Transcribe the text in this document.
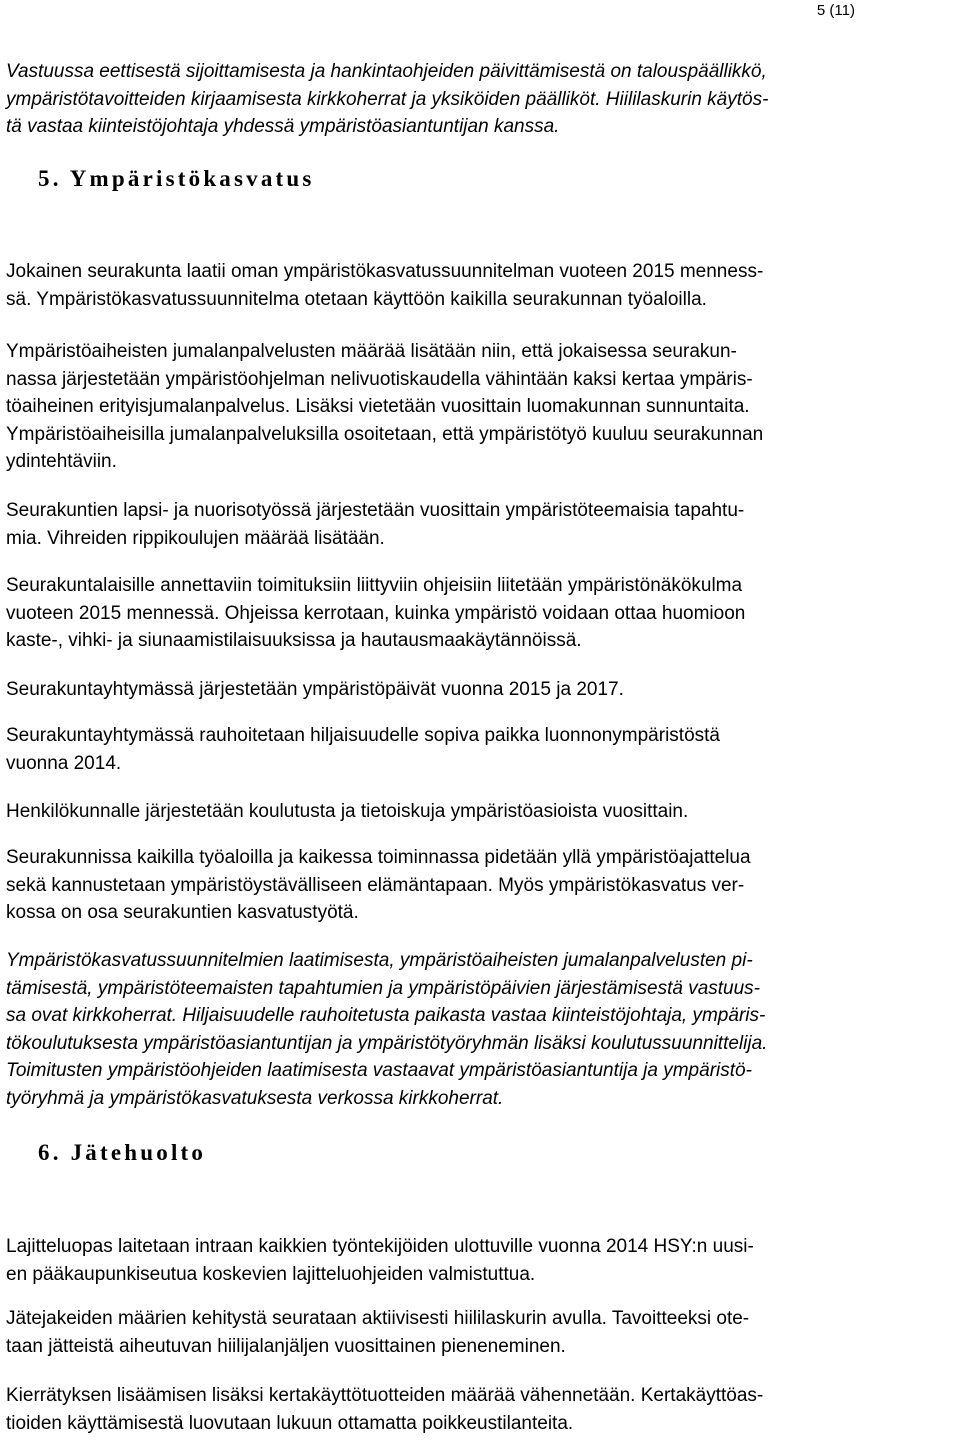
5 (11)
Vastuussa eettisestä sijoittamisesta ja hankintaohjeiden päivittämisestä on talouspäällikkö,
ympäristötavoitteiden kirjaamisesta kirkkoherrat ja yksiköiden päälliköt. Hiililaskurin käytös-
tä vastaa kiinteistöjohtaja yhdessä ympäristöasiantuntijan kanssa.
5. Ympäristökasvatus
Jokainen seurakunta laatii oman ympäristökasvatussuunnitelman vuoteen 2015 menness-
sä. Ympäristökasvatussuunnitelma otetaan käyttöön kaikilla seurakunnan työaloilla.
Ympäristöaiheisten jumalanpalvelusten määrää lisätään niin, että jokaisessa seurakun-
nassa järjestetään ympäristöohjelman nelivuotiskaudella vähintään kaksi kertaa ympäris-
töaiheinen erityisjumalanpalvelus. Lisäksi vietetään vuosittain luomakunnan sunnuntaita.
Ympäristöaiheisilla jumalanpalveluksilla osoitetaan, että ympäristötyö kuuluu seurakunnan
ydintehtäviin.
Seurakuntien lapsi- ja nuorisotyössä järjestetään vuosittain ympäristöteemaisia tapahtu-
mia. Vihreiden rippikoulujen määrää lisätään.
Seurakuntalaisille annettaviin toimituksiin liittyviin ohjeisiin liitetään ympäristönäkökulma
vuoteen 2015 mennessä. Ohjeissa kerrotaan, kuinka ympäristö voidaan ottaa huomioon
kaste-, vihki- ja siunaamistilaisuuksissa ja hautausmaakäytännöissä.
Seurakuntayhtymässä järjestetään ympäristöpäivät vuonna 2015 ja 2017.
Seurakuntayhtymässä rauhoitetaan hiljaisuudelle sopiva paikka luonnonympäristöstä
vuonna 2014.
Henkilökunnalle järjestetään koulutusta ja tietoiskuja ympäristöasioista vuosittain.
Seurakunnissa kaikilla työaloilla ja kaikessa toiminnassa pidetään yllä ympäristöajattelua
sekä kannustetaan ympäristöystävälliseen elämäntapaan. Myös ympäristökasvatus ver-
kossa on osa seurakuntien kasvatustyötä.
Ympäristökasvatussuunnitelmien laatimisesta, ympäristöaiheisten jumalanpalvelusten pi-
tämisestä, ympäristöteemaisten tapahtumien ja ympäristöpäivien järjestämisestä vastuus-
sa ovat kirkkoherrat. Hiljaisuudelle rauhoitetusta paikasta vastaa kiinteistöjohtaja, ympäris-
tökoulutuksesta ympäristöasiantuntijan ja ympäristötyöryhmän lisäksi koulutussuunnittelija.
Toimitusten ympäristöohjeiden laatimisesta vastaavat ympäristöasiantuntija ja ympäristö-
työryhmä ja ympäristökasvatuksesta verkossa kirkkoherrat.
6. Jätehuolto
Lajitteluopas laitetaan intraan kaikkien työntekijöiden ulottuville vuonna 2014 HSY:n uusi-
en pääkaupunkiseutua koskevien lajitteluohjeiden valmistuttua.
Jätejakeiden määrien kehitystä seurataan aktiivisesti hiililaskurin avulla. Tavoitteeksi ote-
taan jätteistä aiheutuvan hiilijalanjäljen vuosittainen pieneneminen.
Kierrätyksen lisäämisen lisäksi kertakäyttötuotteiden määrää vähennetään. Kertakäyttöas-
tioiden käyttämisestä luovutaan lukuun ottamatta poikkeustilanteita.
